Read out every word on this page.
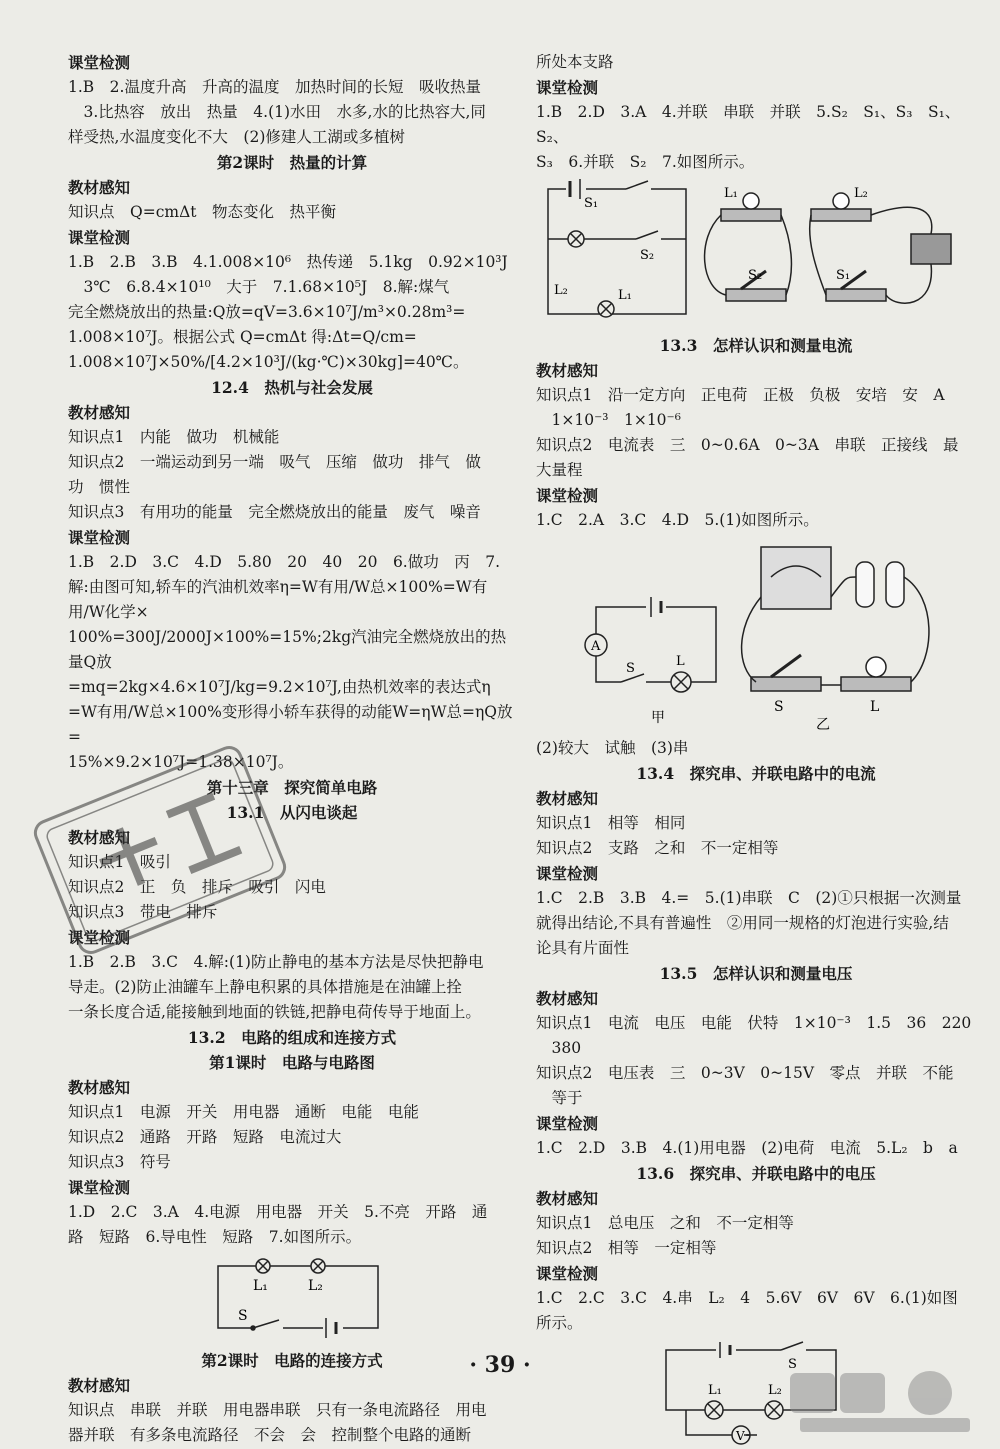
课堂检测
1.B　2.温度升高　升高的温度　加热时间的长短　吸收热量
　3.比热容　放出　热量　4.(1)水田　水多,水的比热容大,同
样受热,水温度变化不大　(2)修建人工湖或多植树
第2课时　热量的计算
教材感知
知识点　Q=cmΔt　物态变化　热平衡
课堂检测
1.B　2.B　3.B　4.1.008×10⁶　热传递　5.1kg　0.92×10³J
　3℃　6.8.4×10¹⁰　大于　7.1.68×10⁵J　8.解:煤气
完全燃烧放出的热量:Q放=qV=3.6×10⁷J/m³×0.28m³=
1.008×10⁷J。根据公式 Q=cmΔt 得:Δt=Q/cm=
1.008×10⁷J×50%/[4.2×10³J/(kg·℃)×30kg]=40℃。
12.4　热机与社会发展
教材感知
知识点1　内能　做功　机械能
知识点2　一端运动到另一端　吸气　压缩　做功　排气　做
功　惯性
知识点3　有用功的能量　完全燃烧放出的能量　废气　噪音
课堂检测
1.B　2.D　3.C　4.D　5.80　20　40　20　6.做功　丙　7.
解:由图可知,轿车的汽油机效率η=W有用/W总×100%=W有用/W化学×
100%=300J/2000J×100%=15%;2kg汽油完全燃烧放出的热量Q放
=mq=2kg×4.6×10⁷J/kg=9.2×10⁷J,由热机效率的表达式η
=W有用/W总×100%变形得小轿车获得的动能W=ηW总=ηQ放=
15%×9.2×10⁷J=1.38×10⁷J。
第十三章　探究简单电路
13.1　从闪电谈起
教材感知
知识点1　吸引
知识点2　正　负　排斥　吸引　闪电
知识点3　带电　排斥
课堂检测
1.B　2.B　3.C　4.解:(1)防止静电的基本方法是尽快把静电
导走。(2)防止油罐车上静电积累的具体措施是在油罐上拴
一条长度合适,能接触到地面的铁链,把静电荷传导于地面上。
13.2　电路的组成和连接方式
第1课时　电路与电路图
教材感知
知识点1　电源　开关　用电器　通断　电能　电能
知识点2　通路　开路　短路　电流过大
知识点3　符号
课堂检测
1.D　2.C　3.A　4.电源　用电器　开关　5.不亮　开路　通
路　短路　6.导电性　短路　7.如图所示。
L₁	L₂
S
第2课时　电路的连接方式
教材感知
知识点　串联　并联　用电器串联　只有一条电流路径　用电
器并联　有多条电流路径　不会　会　控制整个电路的通断
所处本支路
课堂检测
1.B　2.D　3.A　4.并联　串联　并联　5.S₂　S₁、S₃　S₁、S₂、
S₃　6.并联　S₂　7.如图所示。
S₁
S₂
L₂	L₁
L₁	L₂
S₂	S₁
13.3　怎样认识和测量电流
教材感知
知识点1　沿一定方向　正电荷　正极　负极　安培　安　A
　1×10⁻³　1×10⁻⁶
知识点2　电流表　三　0~0.6A　0~3A　串联　正接线　最
大量程
课堂检测
1.C　2.A　3.C　4.D　5.(1)如图所示。
A
S	L
甲
S	L
乙
(2)较大　试触　(3)串
13.4　探究串、并联电路中的电流
教材感知
知识点1　相等　相同
知识点2　支路　之和　不一定相等
课堂检测
1.C　2.B　3.B　4.=　5.(1)串联　C　(2)①只根据一次测量
就得出结论,不具有普遍性　②用同一规格的灯泡进行实验,结
论具有片面性
13.5　怎样认识和测量电压
教材感知
知识点1　电流　电压　电能　伏特　1×10⁻³　1.5　36　220
　380
知识点2　电压表　三　0~3V　0~15V　零点　并联　不能
　等于
课堂检测
1.C　2.D　3.B　4.(1)用电器　(2)电荷　电流　5.L₂　b　a
13.6　探究串、并联电路中的电压
教材感知
知识点1　总电压　之和　不一定相等
知识点2　相等　一定相等
课堂检测
1.C　2.C　3.C　4.串　L₂　4　5.6V　6V　6V　6.(1)如图
所示。
S
L₁	L₂
V
· 39 ·
